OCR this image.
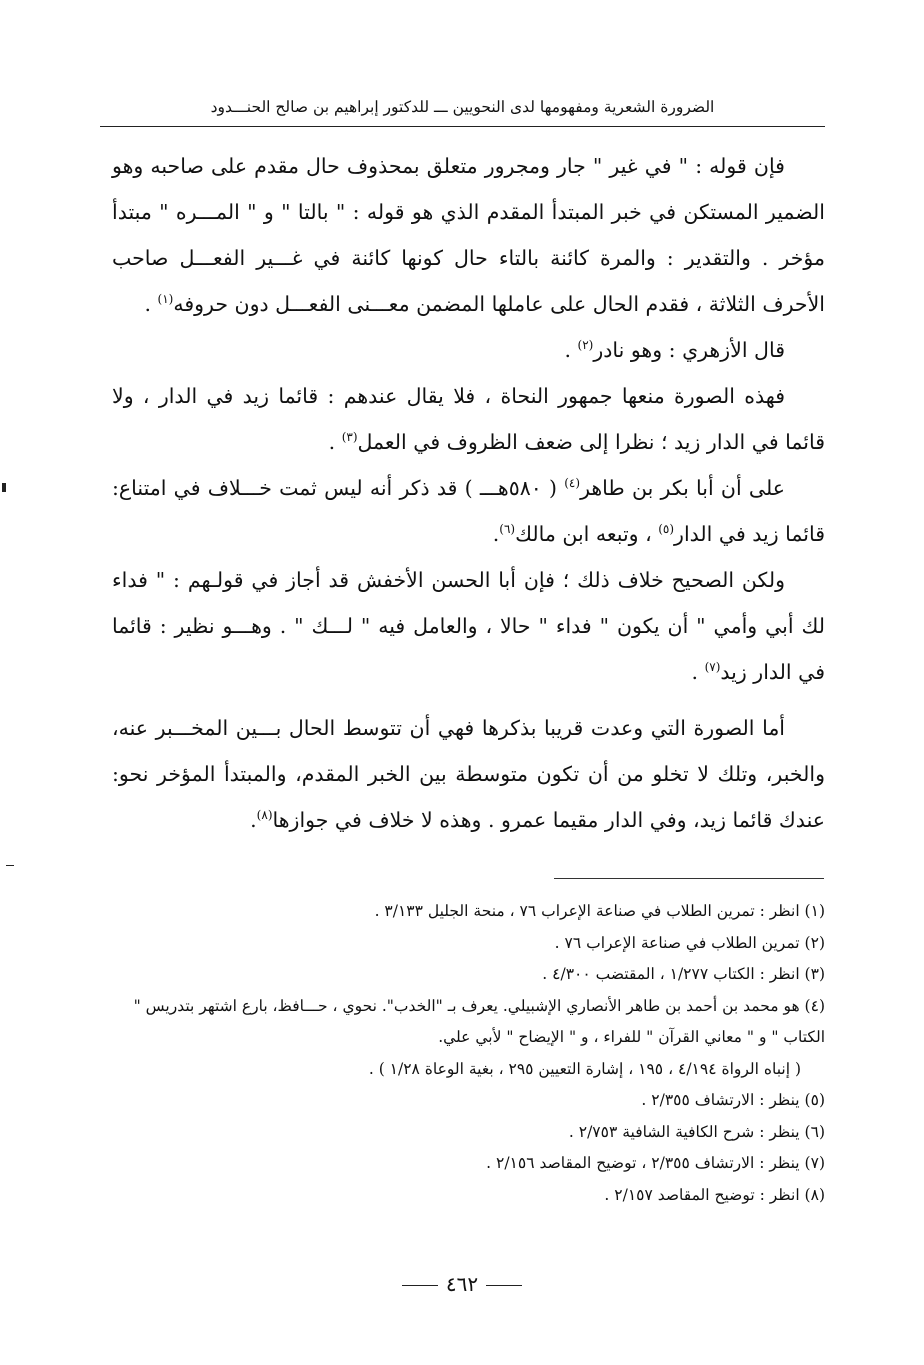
الضرورة الشعرية ومفهومها لدى النحويين ـــ للدكتور إبراهيم بن صالح الحنـــدود

فإن قوله : " في غير " جار ومجرور متعلق بمحذوف حال مقدم على صاحبه وهو الضمير المستكن في خبر المبتدأ المقدم الذي هو قوله : " بالتا " و " المـــره " مبتدأ مؤخر . والتقدير : والمرة كائنة بالتاء حال كونها كائنة في غـــير الفعـــل صاحب الأحرف الثلاثة ، فقدم الحال على عاملها المضمن معـــنى الفعـــل دون حروفه$^{(١)}$ .

قال الأزهري : وهو نادر$^{(٢)}$ .

فهذه الصورة منعها جمهور النحاة ، فلا يقال عندهم : قائما زيد في الدار ، ولا قائما في الدار زيد ؛ نظرا إلى ضعف الظروف في العمل$^{(٣)}$ .

على أن أبا بكر بن طاهر$^{(٤)}$ ( ٥٨٠هـــ ) قد ذكر أنه ليس ثمت خـــلاف في امتناع: قائما زيد في الدار$^{(٥)}$ ، وتبعه ابن مالك$^{(٦)}$.

ولكن الصحيح خلاف ذلك ؛ فإن أبا الحسن الأخفش قد أجاز في قولـهم : " فداء لك أبي وأمي " أن يكون " فداء " حالا ، والعامل فيه " لـــك " . وهـــو نظير : قائما في الدار زيد$^{(٧)}$ .

أما الصورة التي وعدت قريبا بذكرها فهي أن تتوسط الحال بـــين المخـــبر عنه، والخبر، وتلك لا تخلو من أن تكون متوسطة بين الخبر المقدم، والمبتدأ المؤخر نحو: عندك قائما زيد، وفي الدار مقيما عمرو . وهذه لا خلاف في جوازها$^{(٨)}$.

(١) انظر : تمرين الطلاب في صناعة الإعراب ٧٦ ، منحة الجليل ٣/١٣٣ .

(٢) تمرين الطلاب في صناعة الإعراب ٧٦ .

(٣) انظر : الكتاب ١/٢٧٧ ، المقتضب ٤/٣٠٠ .

(٤) هو محمد بن أحمد بن طاهر الأنصاري الإشبيلي. يعرف بـ "الخدب". نحوي ، حـــافظ، بارع اشتهر بتدريس " الكتاب " و " معاني القرآن " للفراء ، و " الإيضاح " لأبي علي.

( إنباه الرواة ٤/١٩٤ ، ١٩٥ ، إشارة التعيين ٢٩٥ ، بغية الوعاة ١/٢٨ ) .

(٥) ينظر : الارتشاف ٢/٣٥٥ .

(٦) ينظر : شرح الكافية الشافية ٢/٧٥٣ .

(٧) ينظر : الارتشاف ٢/٣٥٥ ، توضيح المقاصد ٢/١٥٦ .

(٨) انظر : توضيح المقاصد ٢/١٥٧ .

٤٦٢
